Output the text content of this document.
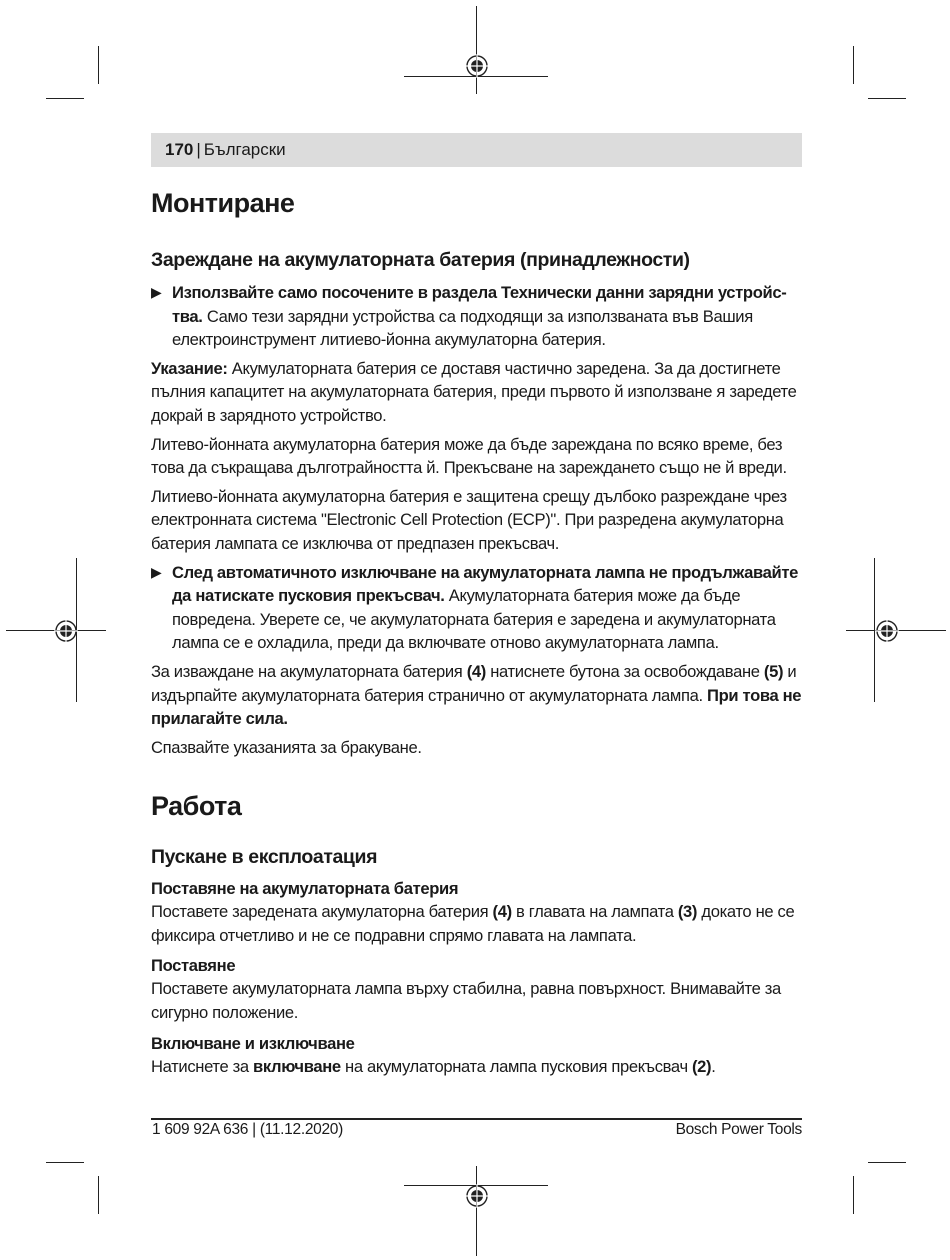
170 | Български
Монтиране
Зареждане на акумулаторната батерия (принадлежности)
▶ Използвайте само посочените в раздела Технически данни зарядни устройства. Само тези зарядни устройства са подходящи за използваната във Вашия електроинструмент литиево-йонна акумулаторна батерия.

Указание: Акумулаторната батерия се доставя частично заредена. За да достигнете пълния капацитет на акумулаторната батерия, преди първото й използване я заредете докрай в зарядното устройство.

Литево-йонната акумулаторна батерия може да бъде зареждана по всяко време, без това да съкращава дълготрайността й. Прекъсване на зареждането също не й вреди.

Литиево-йонната акумулаторна батерия е защитена срещу дълбоко разреждане чрез електронната система "Electronic Cell Protection (ECP)". При разредена акумулаторна батерия лампата се изключва от предпазен прекъсвач.

▶ След автоматичното изключване на акумулаторната лампа не продължавайте да натискате пусковия прекъсвач. Акумулаторната батерия може да бъде повредена. Уверете се, че акумулаторната батерия е заредена и акумулаторната лампа се е охладила, преди да включвате отново акумулаторната лампа.

За изваждане на акумулаторната батерия (4) натиснете бутона за освобождаване (5) и издърпайте акумулаторната батерия странично от акумулаторната лампа. При това не прилагайте сила.

Спазвайте указанията за бракуване.

Работа
Пускане в експлоатация
Поставяне на акумулаторната батерия

Поставете заредената акумулаторна батерия (4) в главата на лампата (3) докато не се фиксира отчетливо и не се подравни спрямо главата на лампата.

Поставяне

Поставете акумулаторната лампа върху стабилна, равна повърхност. Внимавайте за сигурно положение.

Включване и изключване

Натиснете за включване на акумулаторната лампа пусковия прекъсвач (2).

1 609 92A 636 | (11.12.2020)	Bosch Power Tools
